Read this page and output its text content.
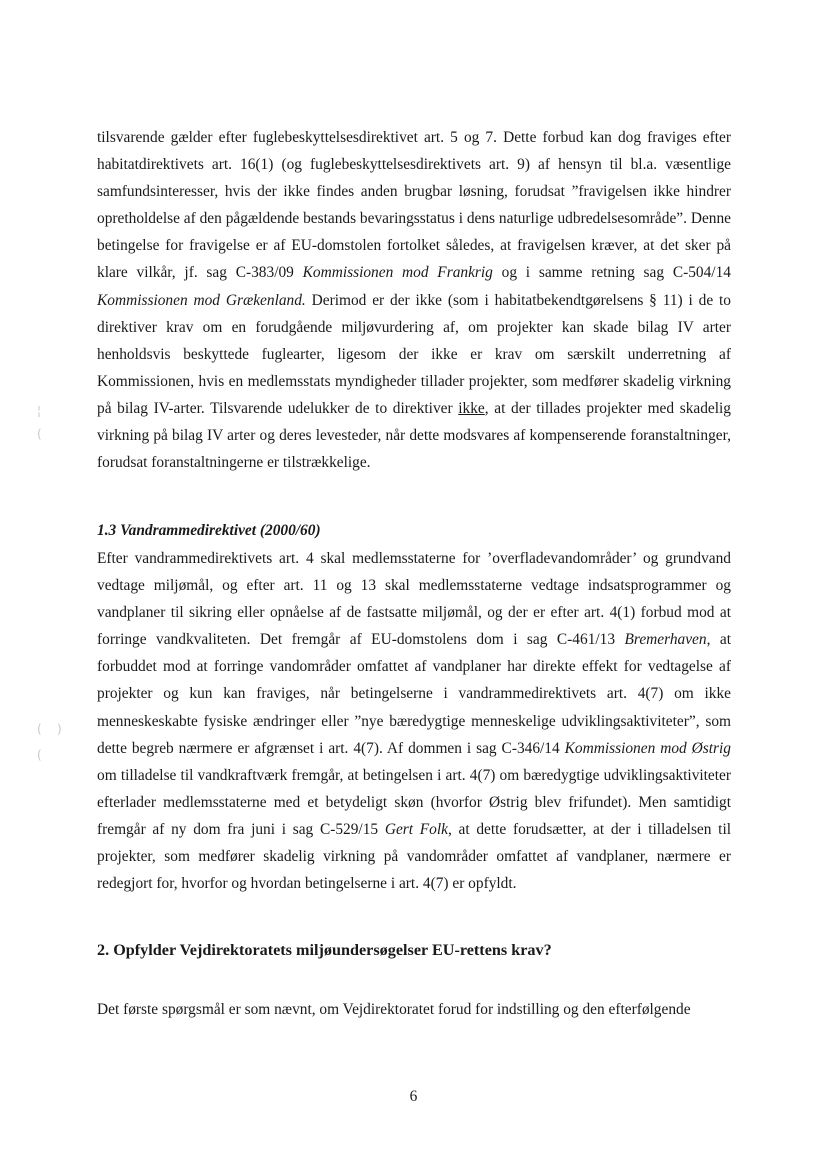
tilsvarende gælder efter fuglebeskyttelsesdirektivet art. 5 og 7. Dette forbud kan dog fraviges efter habitatdirektivets art. 16(1) (og fuglebeskyttelsesdirektivets art. 9) af hensyn til bl.a. væsentlige samfundsinteresser, hvis der ikke findes anden brugbar løsning, forudsat ”fravigelsen ikke hindrer opretholdelse af den pågældende bestands bevaringsstatus i dens naturlige udbredelsesområde”. Denne betingelse for fravigelse er af EU-domstolen fortolket således, at fravigelsen kræver, at det sker på klare vilkår, jf. sag C-383/09 Kommissionen mod Frankrig og i samme retning sag C-504/14 Kommissionen mod Grækenland. Derimod er der ikke (som i habitatbekendtgørelsens § 11) i de to direktiver krav om en forudgående miljøvurdering af, om projekter kan skade bilag IV arter henholdsvis beskyttede fuglearter, ligesom der ikke er krav om særskilt underretning af Kommissionen, hvis en medlemsstats myndigheder tillader projekter, som medfører skadelig virkning på bilag IV-arter. Tilsvarende udelukker de to direktiver ikke, at der tillades projekter med skadelig virkning på bilag IV arter og deres levesteder, når dette modsvares af kompenserende foranstaltninger, forudsat foranstaltningerne er tilstrækkelige.

1.3 Vandrammedirektivet (2000/60)

Efter vandrammedirektivets art. 4 skal medlemsstaterne for ’overfladevandområder’ og grundvand vedtage miljømål, og efter art. 11 og 13 skal medlemsstaterne vedtage indsatsprogrammer og vandplaner til sikring eller opnåelse af de fastsatte miljømål, og der er efter art. 4(1) forbud mod at forringe vandkvaliteten. Det fremgår af EU-domstolens dom i sag C-461/13 Bremerhaven, at forbuddet mod at forringe vandområder omfattet af vandplaner har direkte effekt for vedtagelse af projekter og kun kan fraviges, når betingelserne i vandrammedirektivets art. 4(7) om ikke menneskeskabte fysiske ændringer eller ”nye bæredygtige menneskelige udviklingsaktiviteter”, som dette begreb nærmere er afgrænset i art. 4(7). Af dommen i sag C-346/14 Kommissionen mod Østrig om tilladelse til vandkraftværk fremgår, at betingelsen i art. 4(7) om bæredygtige udviklingsaktiviteter efterlader medlemsstaterne med et betydeligt skøn (hvorfor Østrig blev frifundet). Men samtidigt fremgår af ny dom fra juni i sag C-529/15 Gert Folk, at dette forudsætter, at der i tilladelsen til projekter, som medfører skadelig virkning på vandområder omfattet af vandplaner, nærmere er redegjort for, hvorfor og hvordan betingelserne i art. 4(7) er opfyldt.

2. Opfylder Vejdirektoratets miljøundersøgelser EU-rettens krav?

Det første spørgsmål er som nævnt, om Vejdirektoratet forud for indstilling og den efterfølgende

6
¦
(
( )
(
